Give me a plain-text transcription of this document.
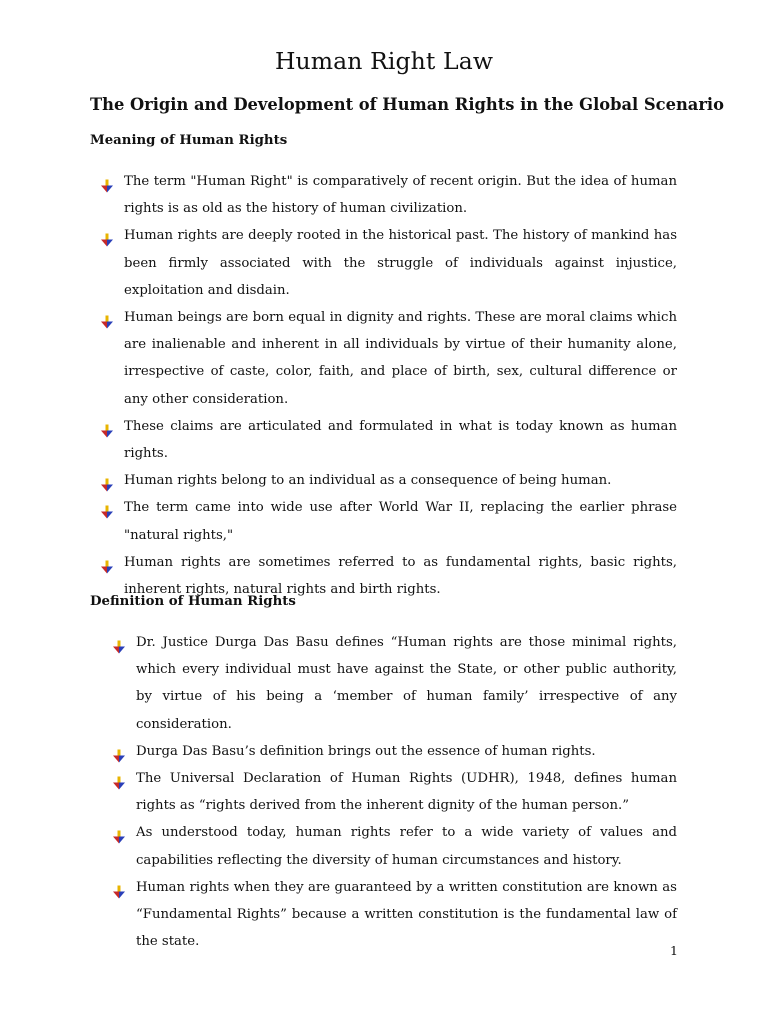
Human Right Law
The Origin and Development of Human Rights in the Global Scenario
Meaning of Human Rights
The term "Human Right" is comparatively of recent origin. But the idea of human rights is as old as the history of human civilization.
Human rights are deeply rooted in the historical past. The history of mankind has been firmly associated with the struggle of individuals against injustice, exploitation and disdain.
Human beings are born equal in dignity and rights. These are moral claims which are inalienable and inherent in all individuals by virtue of their humanity alone, irrespective of caste, color, faith, and place of birth, sex, cultural difference or any other consideration.
These claims are articulated and formulated in what is today known as human rights.
Human rights belong to an individual as a consequence of being human.
The term came into wide use after World War II, replacing the earlier phrase "natural rights,"
Human rights are sometimes referred to as fundamental rights, basic rights, inherent rights, natural rights and birth rights.
Definition of Human Rights
Dr. Justice Durga Das Basu defines “Human rights are those minimal rights, which every individual must have against the State, or other public authority, by virtue of his being a ‘member of human family’ irrespective of any consideration.
Durga Das Basu’s definition brings out the essence of human rights.
The Universal Declaration of Human Rights (UDHR), 1948, defines human rights as “rights derived from the inherent dignity of the human person.”
As understood today, human rights refer to a wide variety of values and capabilities reflecting the diversity of human circumstances and history.
Human rights when they are guaranteed by a written constitution are known as “Fundamental Rights” because a written constitution is the fundamental law of the state.
1
